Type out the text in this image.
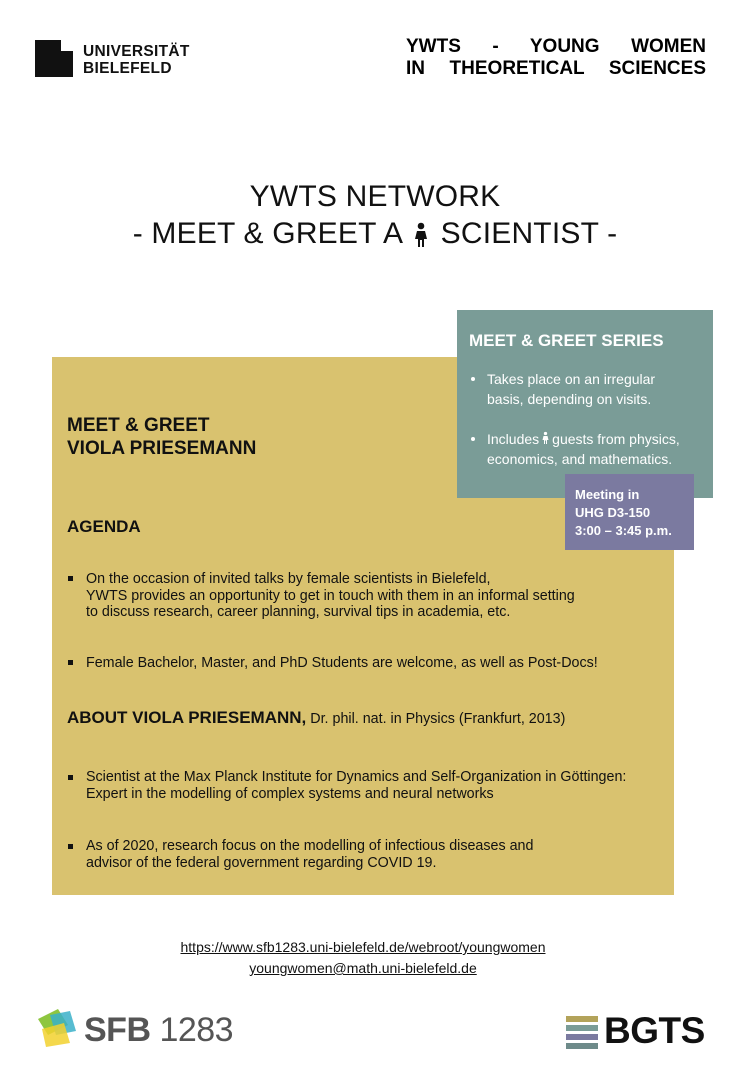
UNIVERSITÄT
BIELEFELD
YWTS - YOUNG WOMEN
IN THEORETICAL SCIENCES
YWTS NETWORK
- MEET & GREET A SCIENTIST -
MEET & GREET
VIOLA PRIESEMANN
AGENDA
On the occasion of invited talks by female scientists in Bielefeld,
YWTS provides an opportunity to get in touch with them in an informal setting
to discuss research, career planning, survival tips in academia, etc.
Female Bachelor, Master, and PhD Students are welcome, as well as Post-Docs!
ABOUT VIOLA PRIESEMANN, Dr. phil. nat. in Physics (Frankfurt, 2013)
Scientist at the Max Planck Institute for Dynamics and Self-Organization in Göttingen:
Expert in the modelling of complex systems and neural networks
As of 2020, research focus on the modelling of infectious diseases and
advisor of the federal government regarding COVID 19.
MEET & GREET SERIES
Takes place on an irregular
basis, depending on visits.
Includes guests from physics,
economics, and mathematics.
Meeting in
UHG D3-150
3:00 – 3:45 p.m.
https://www.sfb1283.uni-bielefeld.de/webroot/youngwomen
youngwomen@math.uni-bielefeld.de
SFB 1283	BGTS
